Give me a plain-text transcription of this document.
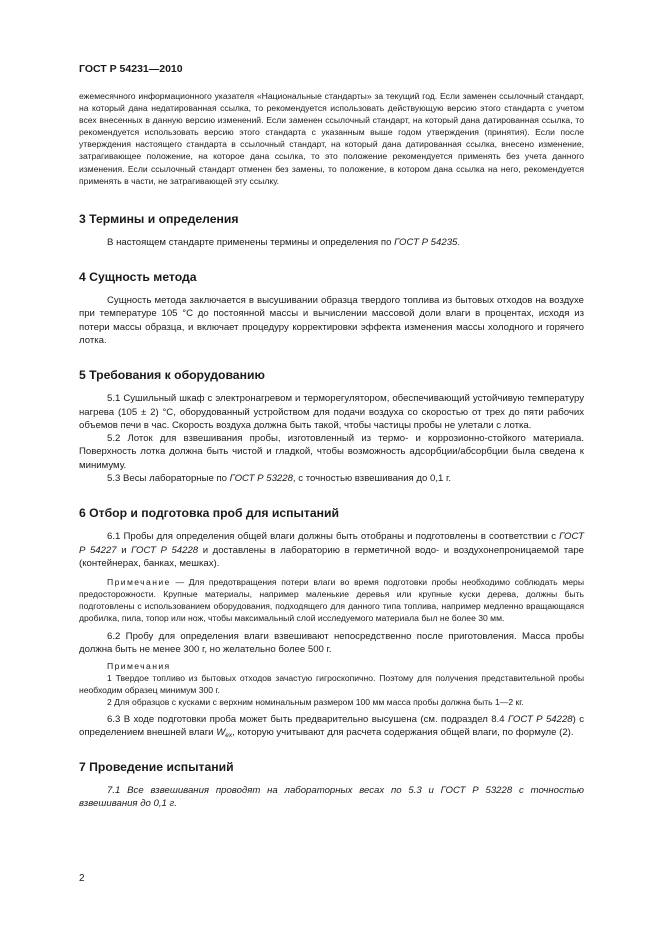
ГОСТ Р 54231—2010

ежемесячного информационного указателя «Национальные стандарты» за текущий год. Если заменен ссылочный стандарт, на который дана недатированная ссылка, то рекомендуется использовать действующую версию этого стандарта с учетом всех внесенных в данную версию изменений. Если заменен ссылочный стандарт, на который дана датированная ссылка, то рекомендуется использовать версию этого стандарта с указанным выше годом утверждения (принятия). Если после утверждения настоящего стандарта в ссылочный стандарт, на который дана датированная ссылка, внесено изменение, затрагивающее положение, на которое дана ссылка, то это положение рекомендуется применять без учета данного изменения. Если ссылочный стандарт отменен без замены, то положение, в котором дана ссылка на него, рекомендуется применять в части, не затрагивающей эту ссылку.

3 Термины и определения

В настоящем стандарте применены термины и определения по ГОСТ Р 54235.

4 Сущность метода

Сущность метода заключается в высушивании образца твердого топлива из бытовых отходов на воздухе при температуре 105 °С до постоянной массы и вычислении массовой доли влаги в процентах, исходя из потери массы образца, и включает процедуру корректировки эффекта изменения массы холодного и горячего лотка.

5 Требования к оборудованию

5.1 Сушильный шкаф с электронагревом и терморегулятором, обеспечивающий устойчивую температуру нагрева (105 ± 2) °С, оборудованный устройством для подачи воздуха со скоростью от трех до пяти рабочих объемов печи в час. Скорость воздуха должна быть такой, чтобы частицы пробы не улетали с лотка.

5.2 Лоток для взвешивания пробы, изготовленный из термо- и коррозионно-стойкого материала. Поверхность лотка должна быть чистой и гладкой, чтобы возможность адсорбции/абсорбции была сведена к минимуму.

5.3 Весы лабораторные по ГОСТ Р 53228, с точностью взвешивания до 0,1 г.

6 Отбор и подготовка проб для испытаний

6.1 Пробы для определения общей влаги должны быть отобраны и подготовлены в соответствии с ГОСТ Р 54227 и ГОСТ Р 54228 и доставлены в лабораторию в герметичной водо- и воздухонепроницаемой таре (контейнерах, банках, мешках).

Примечание — Для предотвращения потери влаги во время подготовки пробы необходимо соблюдать меры предосторожности. Крупные материалы, например маленькие деревья или крупные куски дерева, должны быть подготовлены с использованием оборудования, подходящего для данного типа топлива, например медленно вращающаяся дробилка, пила, топор или нож, чтобы максимальный слой исследуемого материала был не более 30 мм.

6.2 Пробу для определения влаги взвешивают непосредственно после приготовления. Масса пробы должна быть не менее 300 г, но желательно более 500 г.

Примечания

1 Твердое топливо из бытовых отходов зачастую гигроскопично. Поэтому для получения представительной пробы необходим образец минимум 300 г.

2 Для образцов с кусками с верхним номинальным размером 100 мм масса пробы должна быть 1—2 кг.

6.3 В ходе подготовки проба может быть предварительно высушена (см. подраздел 8.4 ГОСТ Р 54228) с определением внешней влаги $W_{ex}$, которую учитывают для расчета содержания общей влаги, по формуле (2).

7 Проведение испытаний

7.1 Все взвешивания проводят на лабораторных весах по 5.3 и ГОСТ Р 53228 с точностью взвешивания до 0,1 г.

2
